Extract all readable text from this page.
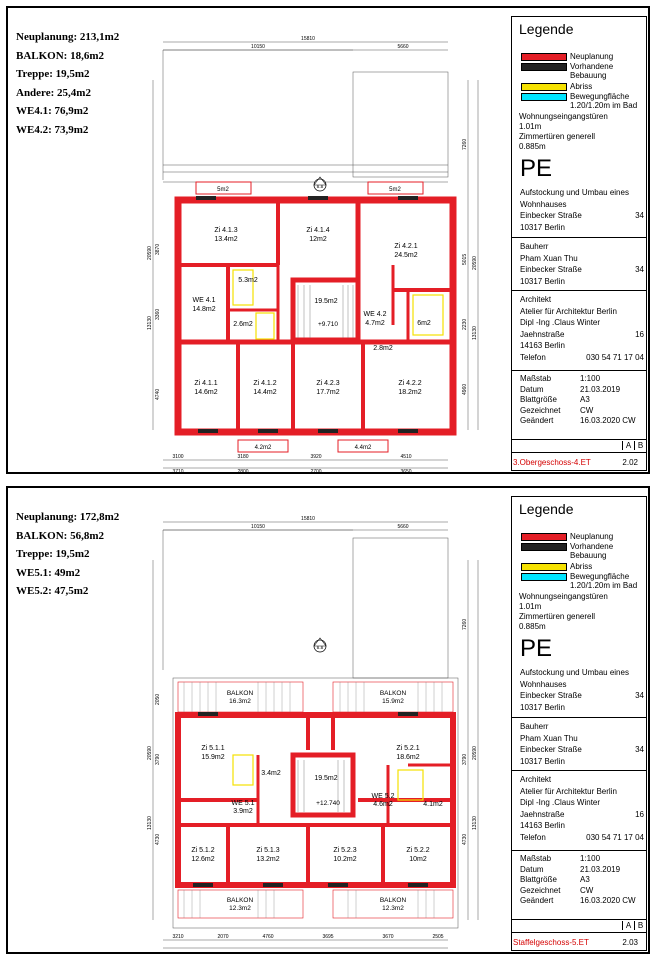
Neuplanung: 213,1m2
BALKON: 18,6m2
Treppe: 19,5m2
Andere: 25,4m2
WE4.1: 76,9m2
WE4.2: 73,9m2
15810
10150	5660
3100	3180	3920	4510
3710	2800	2700	3650
20590
13130
3870
3360
4740
7260
20590
13130
5015
2230
4960
5m2	5m2
4.2m2	4.4m2
B-B
Zi 4.1.3
13.4m2
Zi 4.1.4
12m2
Zi 4.2.1
24.5m2
5.3m2
WE 4.1
14.8m2
19.5m2
WE 4.2
4.7m2	6m2
2.6m2	+9.710
2.8m2
Zi 4.1.1
14.6m2
Zi 4.1.2
14.4m2
Zi 4.2.3
17.7m2
Zi 4.2.2
18.2m2
Legende
Neuplanung
Vorhandene
Bebauung
Abriss
Bewegungfläche
1.20/1.20m im Bad
Wohnungseingangstüren
1.01m
Zimmertüren generell
0.885m
PE
Aufstockung und Umbau eines
Wohnhauses
Einbecker Straße	34
10317 Berlin
Bauherr
Pham Xuan Thu
Einbecker Straße	34
10317 Berlin
Architekt
Atelier für Architektur Berlin
Dipl -Ing .Claus Winter
Jaehnstraße	16
14163 Berlin
Telefon	030 54 71 17 04
Maßstab	1:100
Datum	21.03.2019
Blattgröße	A3
Gezeichnet CW
Geändert	16.03.2020 CW
A B
3.Obergeschoss-4.ET	2.02
Neuplanung: 172,8m2
BALKON: 56,8m2
Treppe: 19,5m2
WE5.1: 49m2
WE5.2: 47,5m2
15810
10150	5660
3210	2070	4760	3695	3670	2505
20590
13130
3790
4730
2050
7260
20590
13130
3790
4730
BALKON
16.3m2
BALKON
15.9m2
BALKON
12.3m2
BALKON
12.3m2
B-B
Zi 5.1.1
15.9m2
Zi 5.2.1
18.6m2
3.4m2
19.5m2
WE 5.1
3.9m2
+12.740
WE 5.2
4.6m2	4.1m2
Zi 5.1.2
12.6m2
Zi 5.1.3
13.2m2
Zi 5.2.3
10.2m2
Zi 5.2.2
10m2
Legende
Neuplanung
Vorhandene
Bebauung
Abriss
Bewegungfläche
1.20/1.20m im Bad
Wohnungseingangstüren
1.01m
Zimmertüren generell
0.885m
PE
Aufstockung und Umbau eines
Wohnhauses
Einbecker Straße	34
10317 Berlin
Bauherr
Pham Xuan Thu
Einbecker Straße	34
10317 Berlin
Architekt
Atelier für Architektur Berlin
Dipl -Ing .Claus Winter
Jaehnstraße	16
14163 Berlin
Telefon	030 54 71 17 04
Maßstab	1:100
Datum	21.03.2019
Blattgröße	A3
Gezeichnet CW
Geändert	16.03.2020 CW
A B
Staffelgeschoss-5.ET	2.03
